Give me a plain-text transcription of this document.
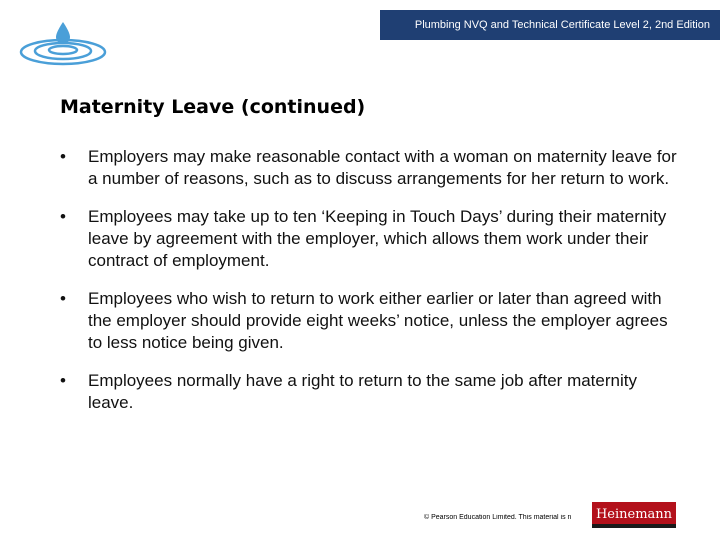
Plumbing NVQ and Technical Certificate Level 2, 2nd Edition
Maternity Leave (continued)
• Employers may make reasonable contact with a woman on maternity leave for a number of reasons, such as to discuss arrangements for her return to work.
• Employees may take up to ten ‘Keeping in Touch Days’ during their maternity leave by agreement with the employer, which allows them work under their contract of employment.
• Employees who wish to return to work either earlier or later than agreed with the employer should provide eight weeks’ notice, unless the employer agrees to less notice being given.
• Employees normally have a right to return to the same job after maternity leave.
© Pearson Education Limited. This material is n	Heinemann
